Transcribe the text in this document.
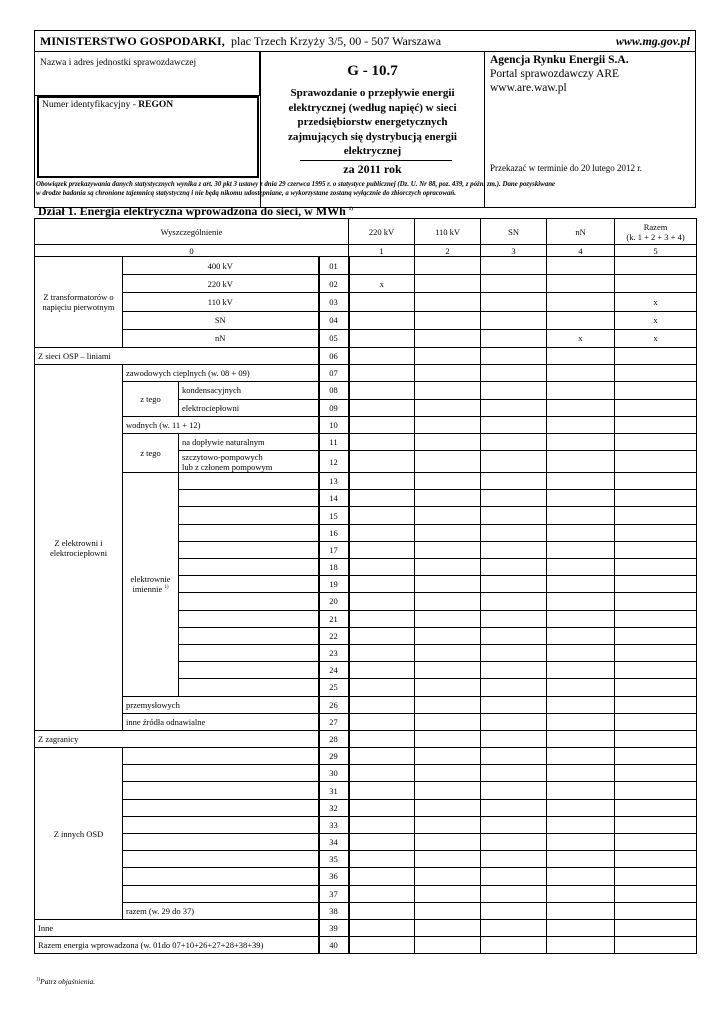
MINISTERSTWO GOSPODARKI, plac Trzech Krzyży 3/5, 00 - 507 Warszawa	www.mg.gov.pl
Nazwa i adres jednostki sprawozdawczej
Numer identyfikacyjny - REGON
G - 10.7
Sprawozdanie o przepływie energii
elektrycznej (według napięć) w sieci
przedsiębiorstw energetycznych
zajmujących się dystrybucją energii
elektrycznej
za 2011 rok
Agencja Rynku Energii S.A.
Portal sprawozdawczy ARE
www.are.waw.pl
Przekazać w terminie do 20 lutego 2012 r.
Obowiązek przekazywania danych statystycznych wynika z art. 30 pkt 3 ustawy z dnia 29 czerwca 1995 r. o statystyce publicznej (Dz. U. Nr 88, poz. 439, z późn. zm.). Dane pozyskiwane
w drodze badania są chronione tajemnicą statystyczną i nie będą nikomu udostępniane, a wykorzystane zostaną wyłącznie do zbiorczych opracowań.
Dział 1. Energia elektryczna wprowadzona do sieci, w MWh $^{1)}$
Wyszczególnienie				220 kV	110 kV	SN	nN	Razem
(k. 1 + 2 + 3 + 4)

0				1	2	3	4	5
Z transformatorów o napięciu pierwotnym	400 kV		01					
	220 kV		02	x				
	110 kV		03					x
	SN		04					x
	nN		05				x	x
Z sieci OSP – liniami			06					
Z elektrowni i elektrociepłowni	zawodowych cieplnych (w. 08 + 09)		07					
	z tego	kondensacyjnych	08					
		elektrociepłowni	09					
	wodnych (w. 11 + 12)		10					
	z tego	na dopływie naturalnym	11					

		szczytowo-pompowych
lub z członem pompowym	12					

	elektrownie
imiennie $^{1)}$		13					
			14					
			15					
			16					
			17					
			18					
			19					
			20					
			21					
			22					
			23					
			24					
			25					
	przemysłowych		26					
	inne źródła odnawialne		27					
Z zagranicy			28					
Z innych OSD			29					
			30					
			31					
			32					
			33					
			34					
			35					
			36					
			37					
	razem (w. 29 do 37)		38					
Inne			39					
Razem energia wprowadzona (w. 01do 07+10+26+27+28+38+39)			40					
$^{1)}$Patrz objaśnienia.
